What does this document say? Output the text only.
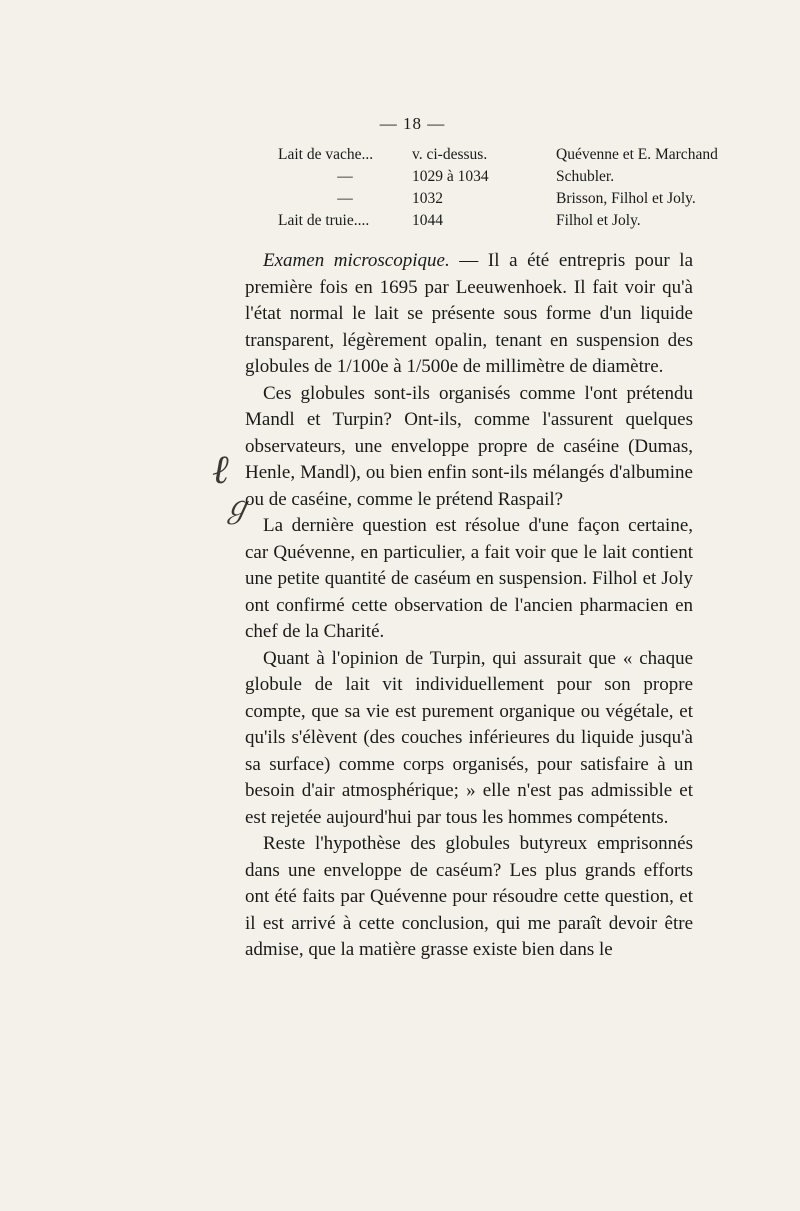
— 18 —
Lait de vache...	v. ci-dessus.	Quévenne et E. Marchand
—	1029 à 1034	Schubler.
—	1032	Brisson, Filhol et Joly.
Lait de truie....	1044	Filhol et Joly.
ℓ
ℊ

Examen microscopique. — Il a été entrepris pour la première fois en 1695 par Leeuwenhoek. Il fait voir qu'à l'état normal le lait se présente sous forme d'un liquide transparent, légèrement opalin, tenant en suspension des globules de 1/100e à 1/500e de millimètre de diamètre.

Ces globules sont-ils organisés comme l'ont prétendu Mandl et Turpin? Ont-ils, comme l'assurent quelques observateurs, une enveloppe propre de caséine (Dumas, Henle, Mandl), ou bien enfin sont-ils mélangés d'albumine ou de caséine, comme le prétend Raspail?

La dernière question est résolue d'une façon certaine, car Quévenne, en particulier, a fait voir que le lait contient une petite quantité de caséum en suspension. Filhol et Joly ont confirmé cette observation de l'ancien pharmacien en chef de la Charité.

Quant à l'opinion de Turpin, qui assurait que « chaque globule de lait vit individuellement pour son propre compte, que sa vie est purement organique ou végétale, et qu'ils s'élèvent (des couches inférieures du liquide jusqu'à sa surface) comme corps organisés, pour satisfaire à un besoin d'air atmosphérique; » elle n'est pas admissible et est rejetée aujourd'hui par tous les hommes compétents.

Reste l'hypothèse des globules butyreux emprisonnés dans une enveloppe de caséum? Les plus grands efforts ont été faits par Quévenne pour résoudre cette question, et il est arrivé à cette conclusion, qui me paraît devoir être admise, que la matière grasse existe bien dans le
